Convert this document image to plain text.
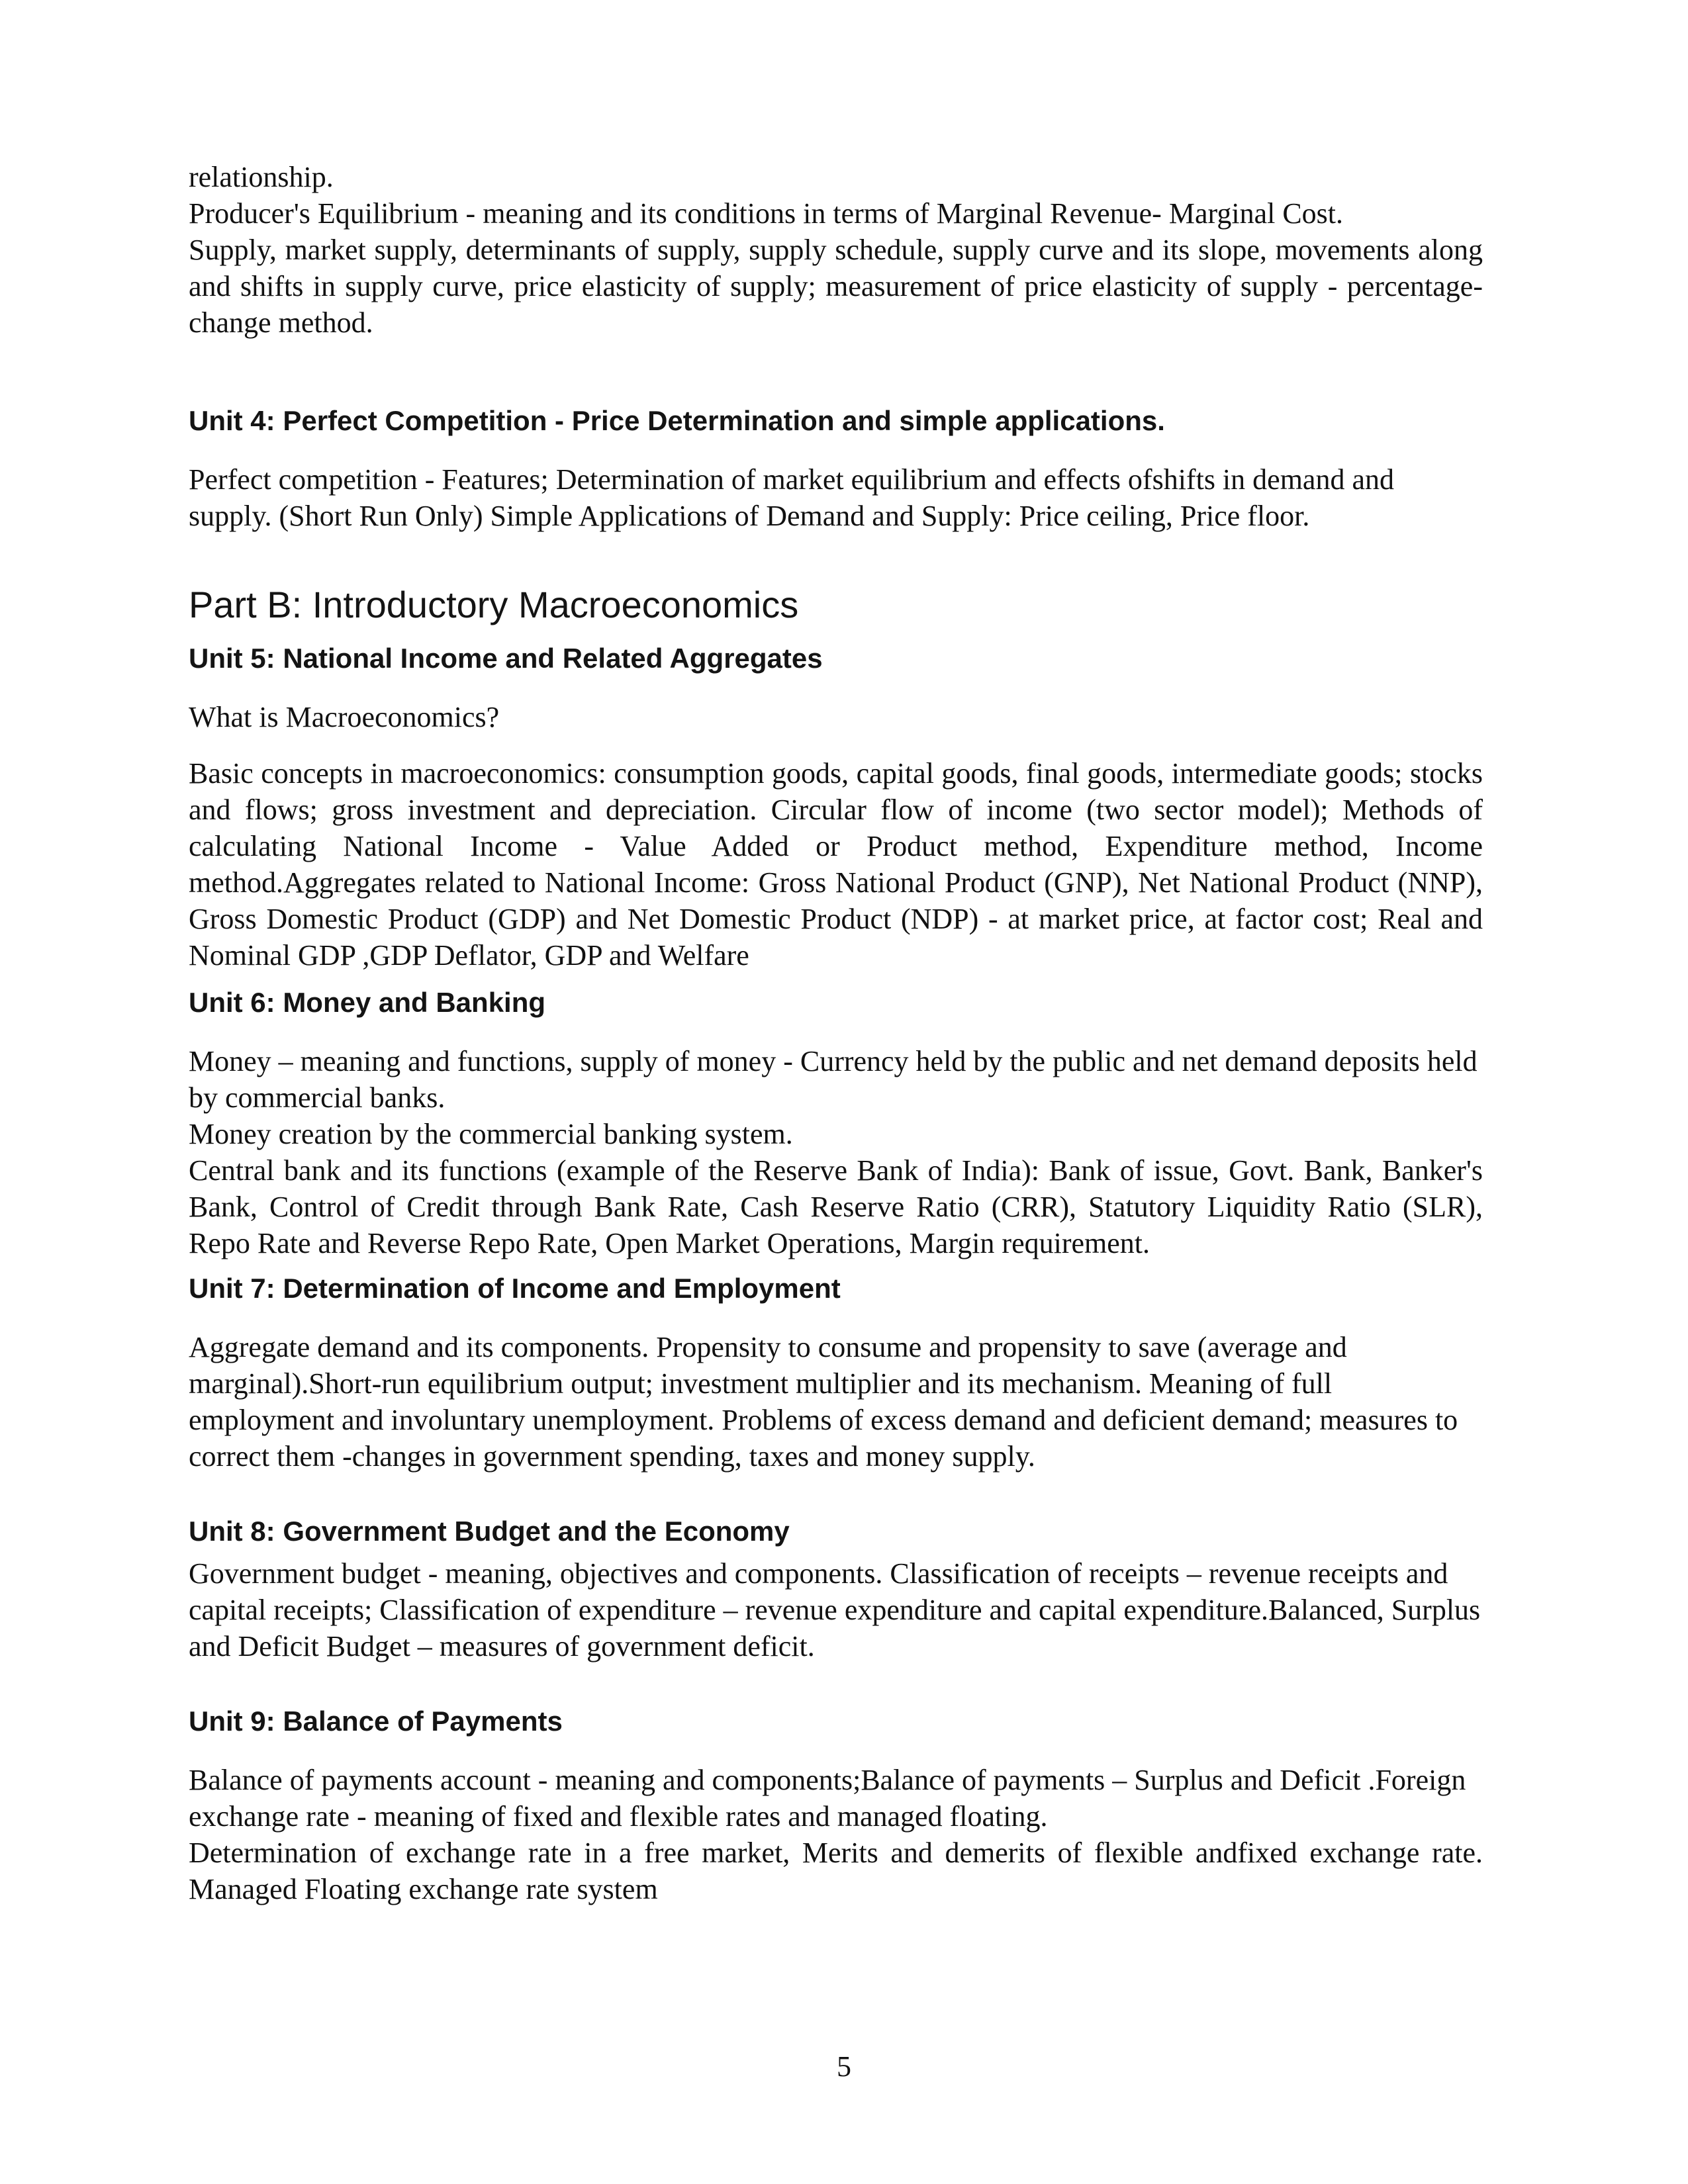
relationship.

Producer's Equilibrium - meaning and its conditions in terms of Marginal Revenue- Marginal Cost.

Supply, market supply, determinants of supply, supply schedule, supply curve and its slope, movements along and shifts in supply curve, price elasticity of supply; measurement of price elasticity of supply - percentage-change method.

Unit 4: Perfect Competition - Price Determination and simple applications.

Perfect competition - Features; Determination of market equilibrium and effects ofshifts in demand and supply. (Short Run Only) Simple Applications of Demand and Supply: Price ceiling, Price floor.

Part B: Introductory Macroeconomics
Unit 5: National Income and Related Aggregates

What is Macroeconomics?

Basic concepts in macroeconomics: consumption goods, capital goods, final goods, intermediate goods; stocks and flows; gross investment and depreciation. Circular flow of income (two sector model); Methods of calculating National Income - Value Added or Product method, Expenditure method, Income method.Aggregates related to National Income: Gross National Product (GNP), Net National Product (NNP), Gross Domestic Product (GDP) and Net Domestic Product (NDP) - at market price, at factor cost; Real and Nominal GDP ,GDP Deflator, GDP and Welfare

Unit 6: Money and Banking

Money – meaning and functions, supply of money - Currency held by the public and net demand deposits held by commercial banks.

Money creation by the commercial banking system.

Central bank and its functions (example of the Reserve Bank of India): Bank of issue, Govt. Bank, Banker's Bank, Control of Credit through Bank Rate, Cash Reserve Ratio (CRR), Statutory Liquidity Ratio (SLR), Repo Rate and Reverse Repo Rate, Open Market Operations, Margin requirement.

Unit 7: Determination of Income and Employment

Aggregate demand and its components. Propensity to consume and propensity to save (average and marginal).Short-run equilibrium output; investment multiplier and its mechanism. Meaning of full employment and involuntary unemployment. Problems of excess demand and deficient demand; measures to correct them -changes in government spending, taxes and money supply.

Unit 8: Government Budget and the Economy

Government budget - meaning, objectives and components. Classification of receipts – revenue receipts and capital receipts; Classification of expenditure – revenue expenditure and capital expenditure.Balanced, Surplus and Deficit Budget – measures of government deficit.

Unit 9: Balance of Payments

Balance of payments account - meaning and components;Balance of payments – Surplus and Deficit .Foreign exchange rate - meaning of fixed and flexible rates and managed floating.

Determination of exchange rate in a free market, Merits and demerits of flexible andfixed exchange rate. Managed Floating exchange rate system

5
